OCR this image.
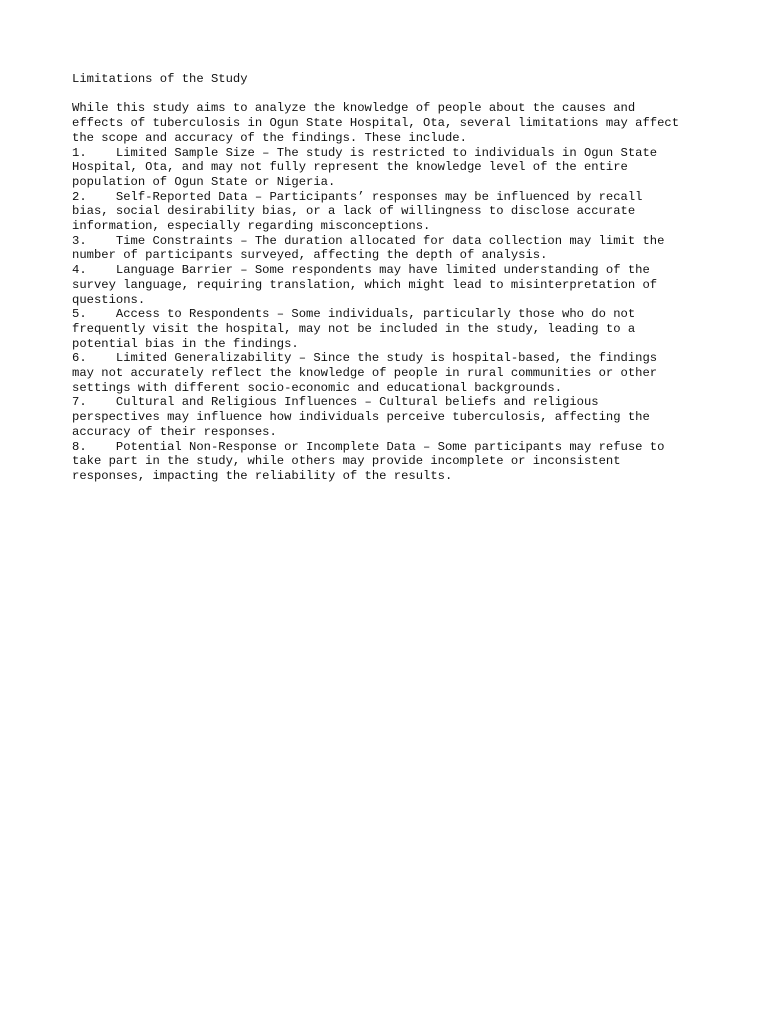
Limitations of the Study

While this study aims to analyze the knowledge of people about the causes and
effects of tuberculosis in Ogun State Hospital, Ota, several limitations may affect
the scope and accuracy of the findings. These include.

1.    Limited Sample Size – The study is restricted to individuals in Ogun State
Hospital, Ota, and may not fully represent the knowledge level of the entire
population of Ogun State or Nigeria.

2.    Self-Reported Data – Participants’ responses may be influenced by recall
bias, social desirability bias, or a lack of willingness to disclose accurate
information, especially regarding misconceptions.

3.    Time Constraints – The duration allocated for data collection may limit the
number of participants surveyed, affecting the depth of analysis.

4.    Language Barrier – Some respondents may have limited understanding of the
survey language, requiring translation, which might lead to misinterpretation of
questions.

5.    Access to Respondents – Some individuals, particularly those who do not
frequently visit the hospital, may not be included in the study, leading to a
potential bias in the findings.

6.    Limited Generalizability – Since the study is hospital-based, the findings
may not accurately reflect the knowledge of people in rural communities or other
settings with different socio-economic and educational backgrounds.

7.    Cultural and Religious Influences – Cultural beliefs and religious
perspectives may influence how individuals perceive tuberculosis, affecting the
accuracy of their responses.

8.    Potential Non-Response or Incomplete Data – Some participants may refuse to
take part in the study, while others may provide incomplete or inconsistent
responses, impacting the reliability of the results.
